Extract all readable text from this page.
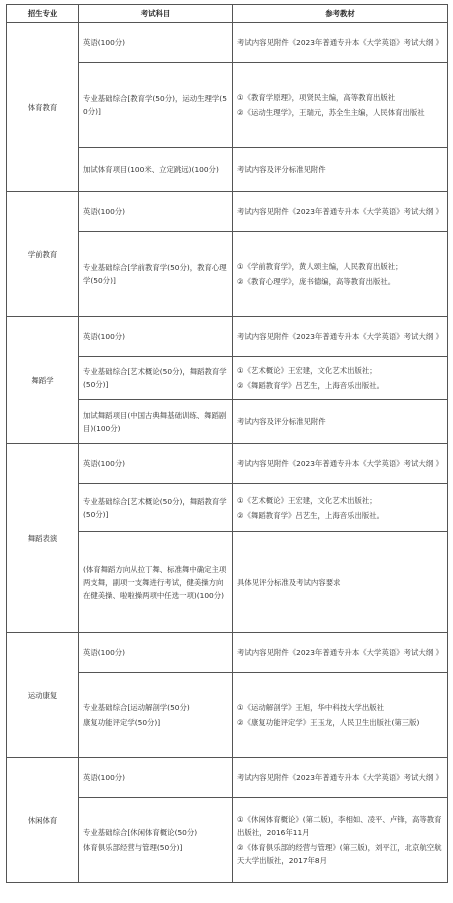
招生专业	考试科目	参考教材
体育教育	英语(100分)	考试内容见附件《2023年普通专升本《大学英语》考试大纲 》

	专业基础综合[教育学(50分)，运动生理学(50分)]	①《教育学原理》，项贤民主编，高等教育出版社
②《运动生理学》，王瑞元，苏全生主编，人民体育出版社

	加试体育项目(100米、立定跳远)(100分)	考试内容及评分标准见附件

学前教育	英语(100分)	考试内容见附件《2023年普通专升本《大学英语》考试大纲 》

	专业基础综合[学前教育学(50分)，教育心理学(50分)]	①《学前教育学》，黄人颂主编，人民教育出版社；
②《教育心理学》，庞书德编，高等教育出版社。

舞蹈学	英语(100分)	考试内容见附件《2023年普通专升本《大学英语》考试大纲 》

	专业基础综合[艺术概论(50分)，舞蹈教育学(50分)]	①《艺术概论》王宏建，文化艺术出版社；
②《舞蹈教育学》吕艺生，上海音乐出版社。

	加试舞蹈项目(中国古典舞基础训练、舞蹈剧目)(100分)	考试内容及评分标准见附件

舞蹈表演	英语(100分)	考试内容见附件《2023年普通专升本《大学英语》考试大纲 》

	专业基础综合[艺术概论(50分)，舞蹈教育学(50分)]	①《艺术概论》王宏建，文化艺术出版社；
②《舞蹈教育学》吕艺生，上海音乐出版社。

	(体育舞蹈方向从拉丁舞、标准舞中确定主项两支舞，副项一支舞进行考试，健美操方向在健美操、啦啦操两项中任选一项)(100分)	具体见评分标准及考试内容要求

运动康复	英语(100分)	考试内容见附件《2023年普通专升本《大学英语》考试大纲 》

	专业基础综合[运动解剖学(50分)
康复功能评定学(50分)]	①《运动解剖学》王旭，华中科技大学出版社
②《康复功能评定学》王玉龙，人民卫生出版社(第三版)

休闲体育	英语(100分)	考试内容见附件《2023年普通专升本《大学英语》考试大纲 》

	专业基础综合[休闲体育概论(50分)
体育俱乐部经营与管理(50分)]	①《休闲体育概论》(第二版)，李相如、凌平、卢锋，高等教育出版社，2016年11月
②《体育俱乐部的经营与管理》(第三版)，刘平江，北京航空航天大学出版社，2017年8月
